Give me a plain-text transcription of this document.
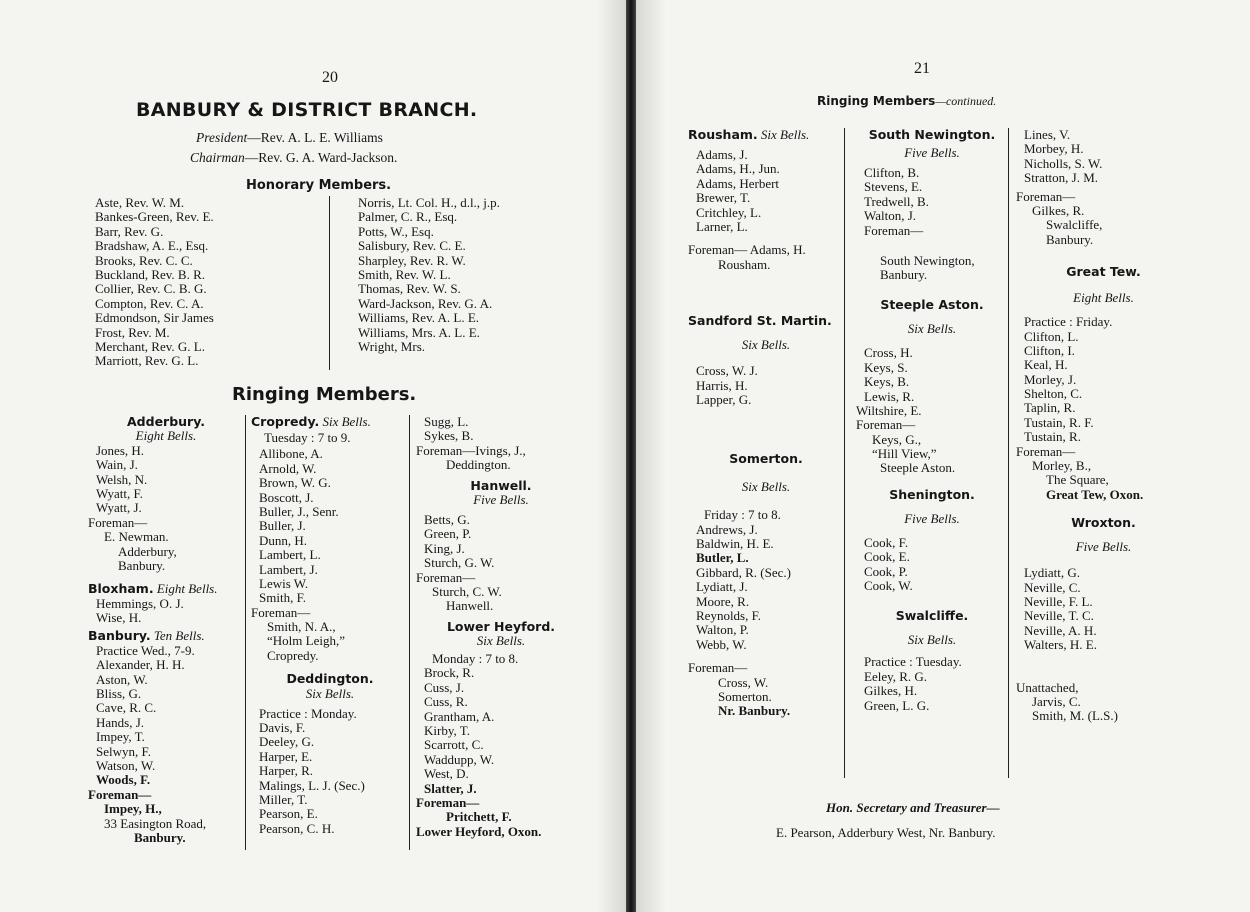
20
BANBURY & DISTRICT BRANCH.
President—Rev. A. L. E. Williams
Chairman—Rev. G. A. Ward-Jackson.
Honorary Members.
Aste, Rev. W. M.
Bankes-Green, Rev. E.
Barr, Rev. G.
Bradshaw, A. E., Esq.
Brooks, Rev. C. C.
Buckland, Rev. B. R.
Collier, Rev. C. B. G.
Compton, Rev. C. A.
Edmondson, Sir James
Frost, Rev. M.
Merchant, Rev. G. L.
Marriott, Rev. G. L.
Norris, Lt. Col. H., d.l., j.p.
Palmer, C. R., Esq.
Potts, W., Esq.
Salisbury, Rev. C. E.
Sharpley, Rev. R. W.
Smith, Rev. W. L.
Thomas, Rev. W. S.
Ward-Jackson, Rev. G. A.
Williams, Rev. A. L. E.
Williams, Mrs. A. L. E.
Wright, Mrs.
Ringing Members.
Adderbury.
Eight Bells.
Jones, H.
Wain, J.
Welsh, N.
Wyatt, F.
Wyatt, J.
Foreman—
E. Newman.
Adderbury,
Banbury.
Bloxham. Eight Bells.
Hemmings, O. J.
Wise, H.
Banbury. Ten Bells.
Practice Wed., 7-9.
Alexander, H. H.
Aston, W.
Bliss, G.
Cave, R. C.
Hands, J.
Impey, T.
Selwyn, F.
Watson, W.
Woods, F.
Foreman—
Impey, H.,
33 Easington Road,
Banbury.
Cropredy. Six Bells.
Tuesday : 7 to 9.
Allibone, A.
Arnold, W.
Brown, W. G.
Boscott, J.
Buller, J., Senr.
Buller, J.
Dunn, H.
Lambert, L.
Lambert, J.
Lewis W.
Smith, F.
Foreman—
Smith, N. A.,
“Holm Leigh,”
Cropredy.
Deddington.
Six Bells.
Practice : Monday.
Davis, F.
Deeley, G.
Harper, E.
Harper, R.
Malings, L. J. (Sec.)
Miller, T.
Pearson, E.
Pearson, C. H.
Sugg, L.
Sykes, B.
Foreman—Ivings, J.,
Deddington.
Hanwell.
Five Bells.
Betts, G.
Green, P.
King, J.
Sturch, G. W.
Foreman—
Sturch, C. W.
Hanwell.
Lower Heyford.
Six Bells.
Monday : 7 to 8.
Brock, R.
Cuss, J.
Cuss, R.
Grantham, A.
Kirby, T.
Scarrott, C.
Waddupp, W.
West, D.
Slatter, J.
Foreman—
Pritchett, F.
Lower Heyford, Oxon.
21
Ringing Members—continued.
Rousham. Six Bells.
Adams, J.
Adams, H., Jun.
Adams, Herbert
Brewer, T.
Critchley, L.
Larner, L.
Foreman— Adams, H.
Rousham.
Sandford St. Martin.
Six Bells.
Cross, W. J.
Harris, H.
Lapper, G.
Somerton.
Six Bells.
Friday : 7 to 8.
Andrews, J.
Baldwin, H. E.
Butler, L.
Gibbard, R. (Sec.)
Lydiatt, J.
Moore, R.
Reynolds, F.
Walton, P.
Webb, W.
Foreman—
Cross, W.
Somerton.
Nr. Banbury.
South Newington.
Five Bells.
Clifton, B.
Stevens, E.
Tredwell, B.
Walton, J.
Foreman—
South Newington,
Banbury.
Steeple Aston.
Six Bells.
Cross, H.
Keys, S.
Keys, B.
Lewis, R.
Wiltshire, E.
Foreman—
Keys, G.,
“Hill View,”
Steeple Aston.
Shenington.
Five Bells.
Cook, F.
Cook, E.
Cook, P.
Cook, W.
Swalcliffe.
Six Bells.
Practice : Tuesday.
Eeley, R. G.
Gilkes, H.
Green, L. G.
Lines, V.
Morbey, H.
Nicholls, S. W.
Stratton, J. M.
Foreman—
Gilkes, R.
Swalcliffe,
Banbury.
Great Tew.
Eight Bells.
Practice : Friday.
Clifton, L.
Clifton, I.
Keal, H.
Morley, J.
Shelton, C.
Taplin, R.
Tustain, R. F.
Tustain, R.
Foreman—
Morley, B.,
The Square,
Great Tew, Oxon.
Wroxton.
Five Bells.
Lydiatt, G.
Neville, C.
Neville, F. L.
Neville, T. C.
Neville, A. H.
Walters, H. E.
Unattached,
Jarvis, C.
Smith, M. (L.S.)
Hon. Secretary and Treasurer—
E. Pearson, Adderbury West, Nr. Banbury.
